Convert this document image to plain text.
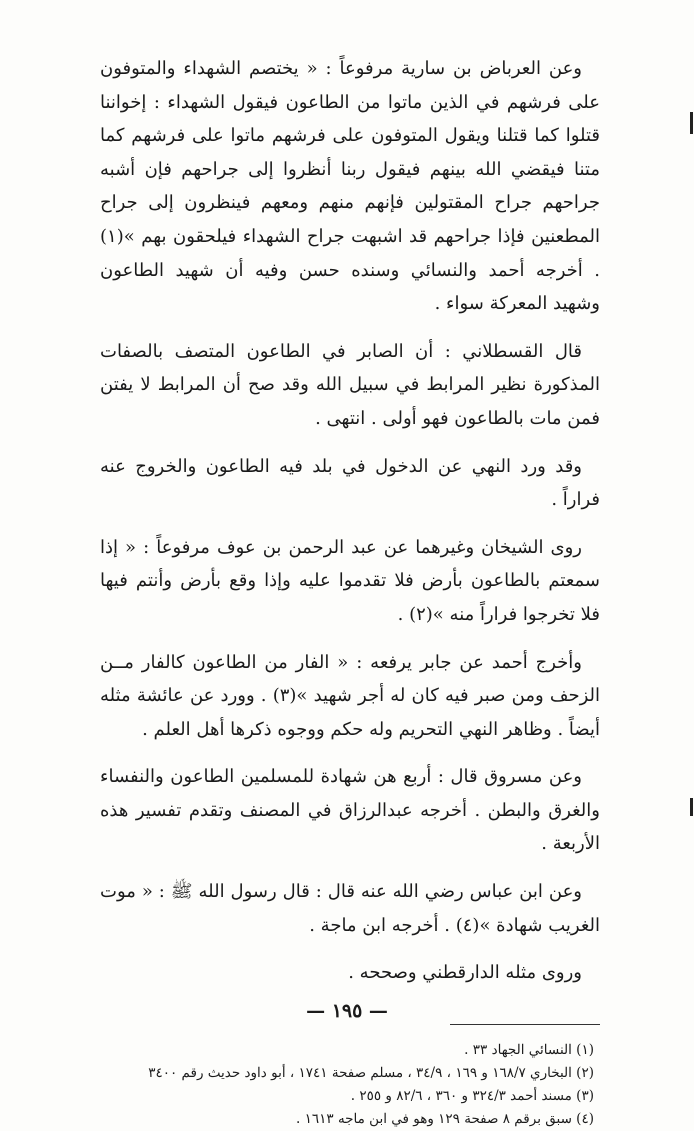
وعن العرباض بن سارية مرفوعاً : « يختصم الشهداء والمتوفون على فرشهم في الذين ماتوا من الطاعون فيقول الشهداء : إخواننا قتلوا كما قتلنا ويقول المتوفون على فرشهم ماتوا على فرشهم كما متنا فيقضي الله بينهم فيقول ربنا أنظروا إلى جراحهم فإن أشبه جراحهم جراح المقتولين فإنهم منهم ومعهم فينظرون إلى جراح المطعنين فإذا جراحهم قد اشبهت جراح الشهداء فيلحقون بهم »(١) . أخرجه أحمد والنسائي وسنده حسن وفيه أن شهيد الطاعون وشهيد المعركة سواء .

قال القسطلاني : أن الصابر في الطاعون المتصف بالصفات المذكورة نظير المرابط في سبيل الله وقد صح أن المرابط لا يفتن فمن مات بالطاعون فهو أولى . انتهى .

وقد ورد النهي عن الدخول في بلد فيه الطاعون والخروج عنه فراراً .

روى الشيخان وغيرهما عن عبد الرحمن بن عوف مرفوعاً : « إذا سمعتم بالطاعون بأرض فلا تقدموا عليه وإذا وقع بأرض وأنتم فيها فلا تخرجوا فراراً منه »(٢) .

وأخرج أحمد عن جابر يرفعه : « الفار من الطاعون كالفار مــن الزحف ومن صبر فيه كان له أجر شهيد »(٣) . وورد عن عائشة مثله أيضاً . وظاهر النهي التحريم وله حكم ووجوه ذكرها أهل العلم .

وعن مسروق قال : أربع هن شهادة للمسلمين الطاعون والنفساء والغرق والبطن . أخرجه عبدالرزاق في المصنف وتقدم تفسير هذه الأربعة .

وعن ابن عباس رضي الله عنه قال : قال رسول الله ﷺ : « موت الغريب شهادة »(٤) . أخرجه ابن ماجة .

وروى مثله الدارقطني وصححه .

(١) النسائي الجهاد ٣٣ .

(٢) البخاري ١٦٨/٧ و ١٦٩ ، ٣٤/٩ ، مسلم صفحة ١٧٤١ ، أبو داود حديث رقم ٣٤٠٠

(٣) مسند أحمد ٣٢٤/٣ و ٣٦٠ ، ٨٢/٦ و ٢٥٥ .

(٤) سبق برقم ٨ صفحة ١٢٩ وهو في ابن ماجه ١٦١٣ .

— ١٩٥ —
